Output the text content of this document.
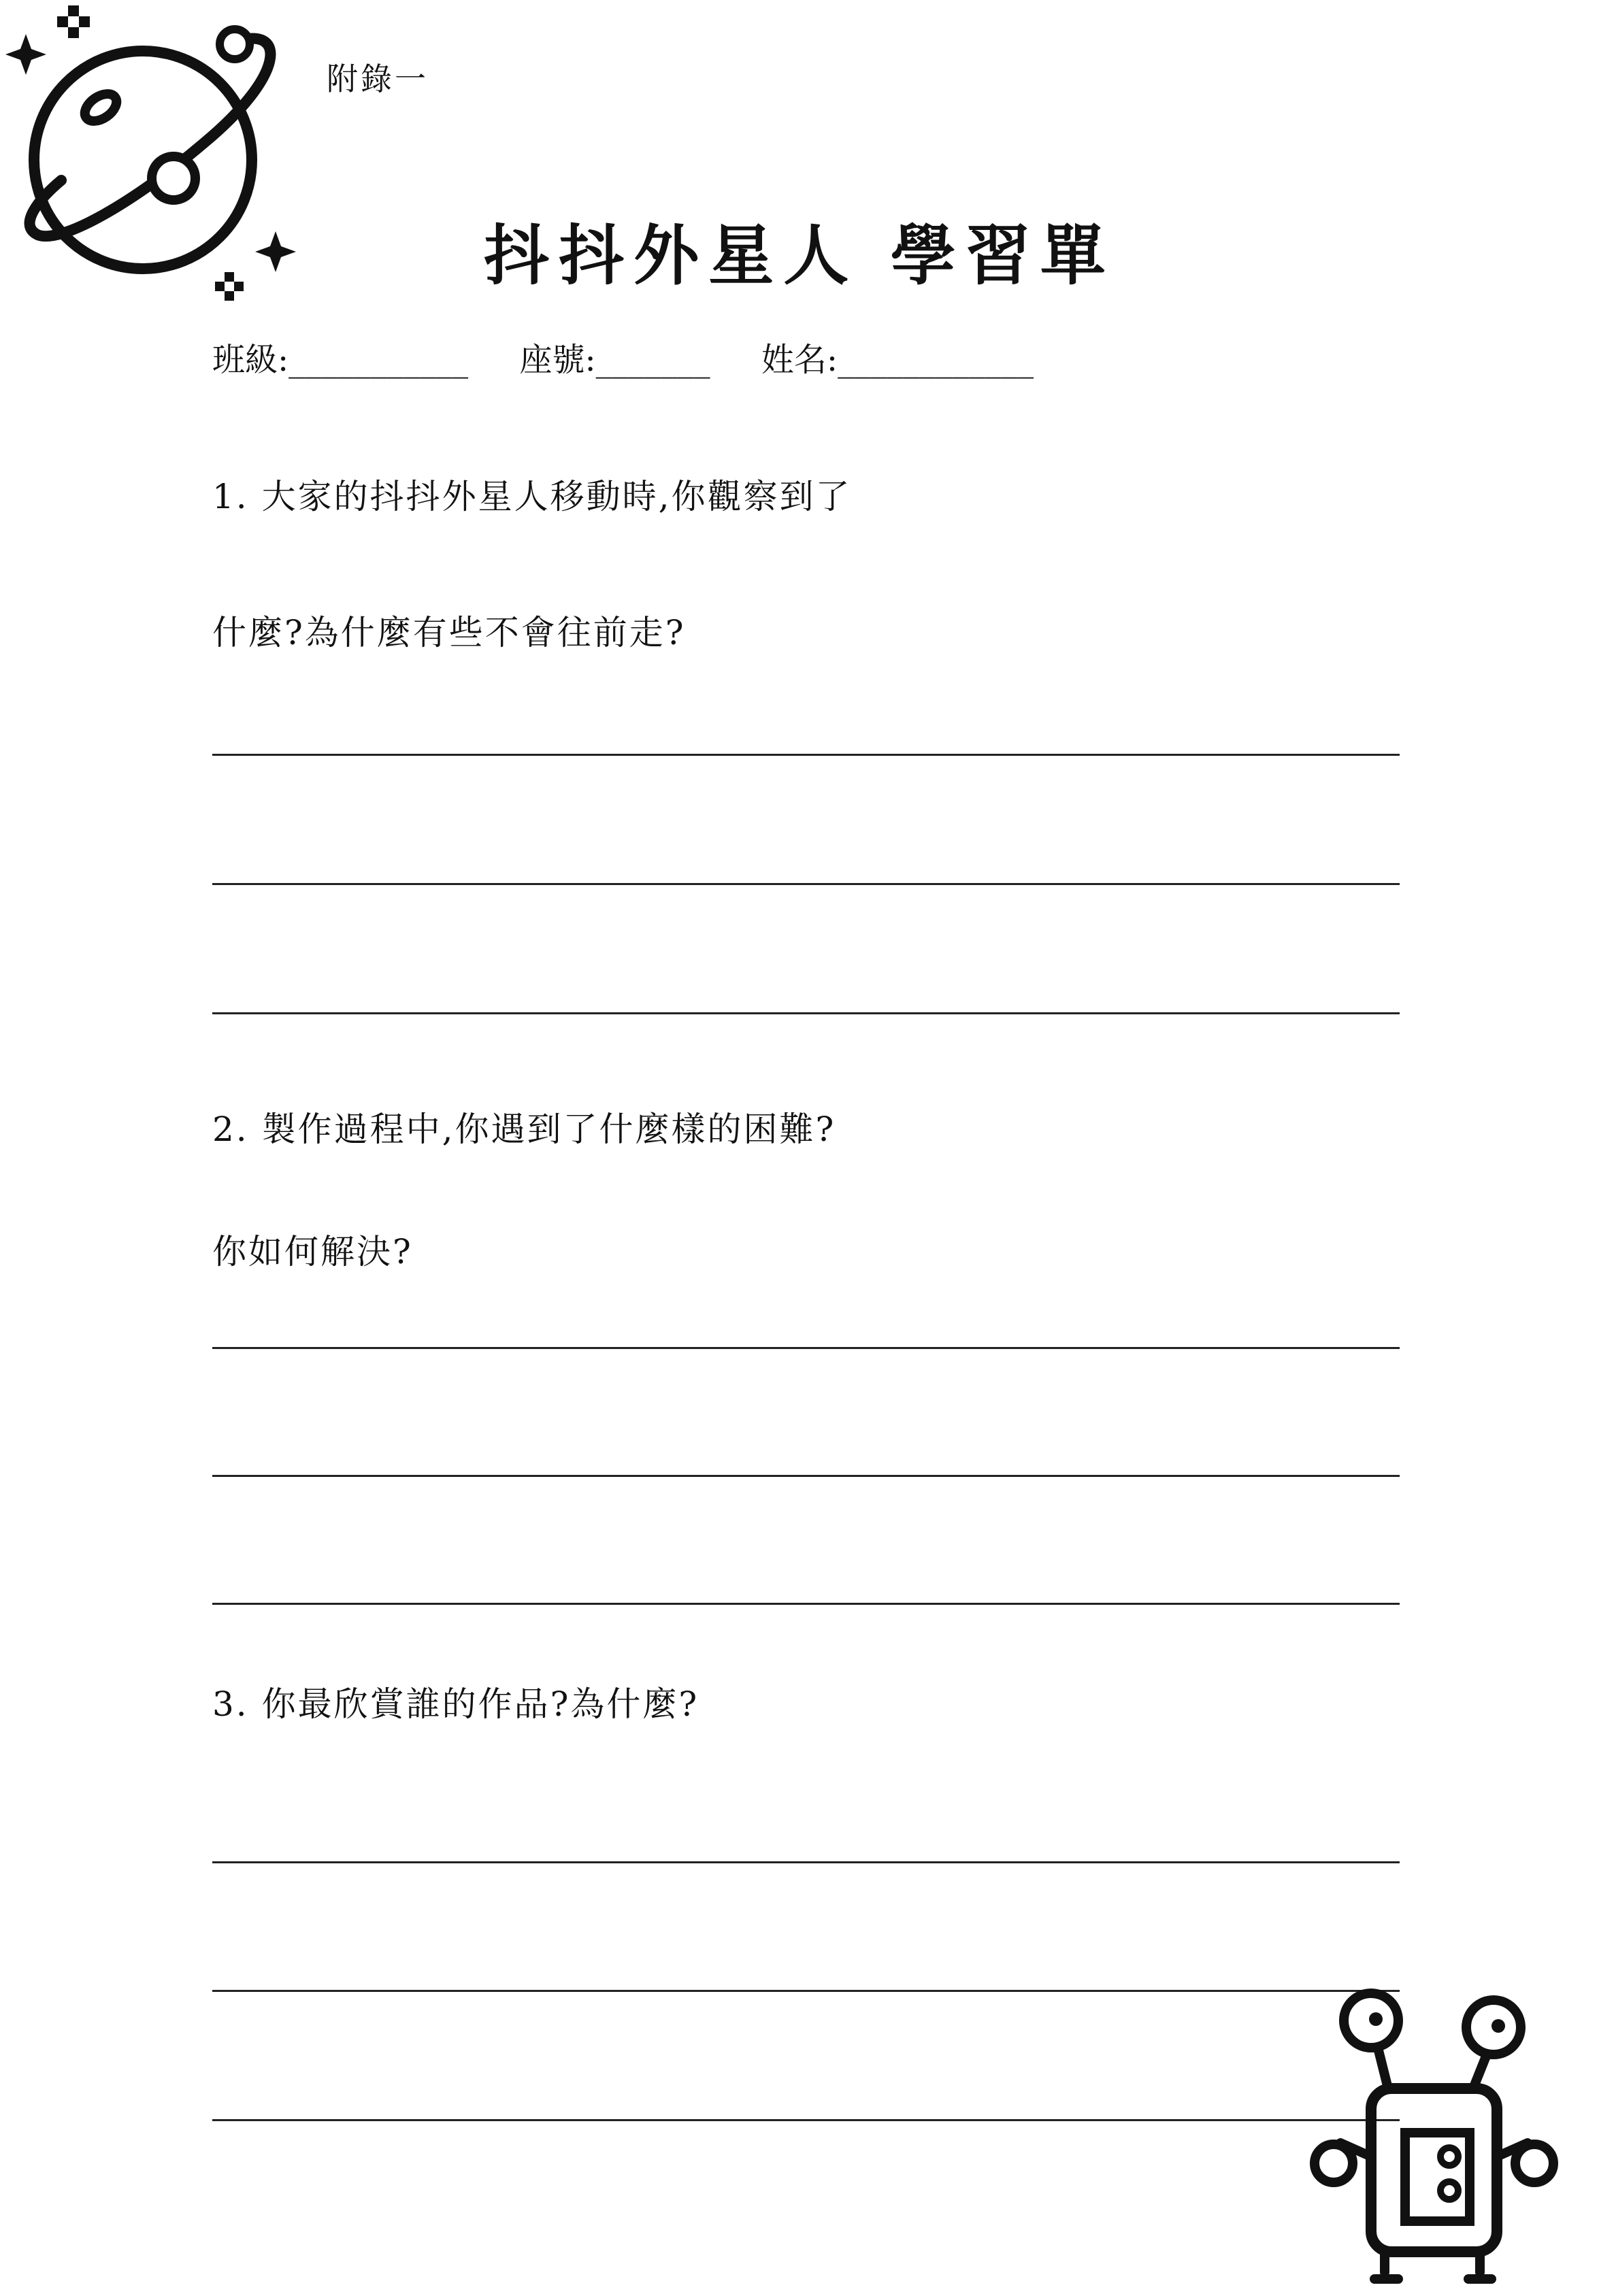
附錄一
抖抖外星人 學習單
班級:___________ 座號:_______ 姓名:____________
1. 大家的抖抖外星人移動時,你觀察到了
什麼?為什麼有些不會往前走?
2. 製作過程中,你遇到了什麼樣的困難?
你如何解決?
3. 你最欣賞誰的作品?為什麼?
